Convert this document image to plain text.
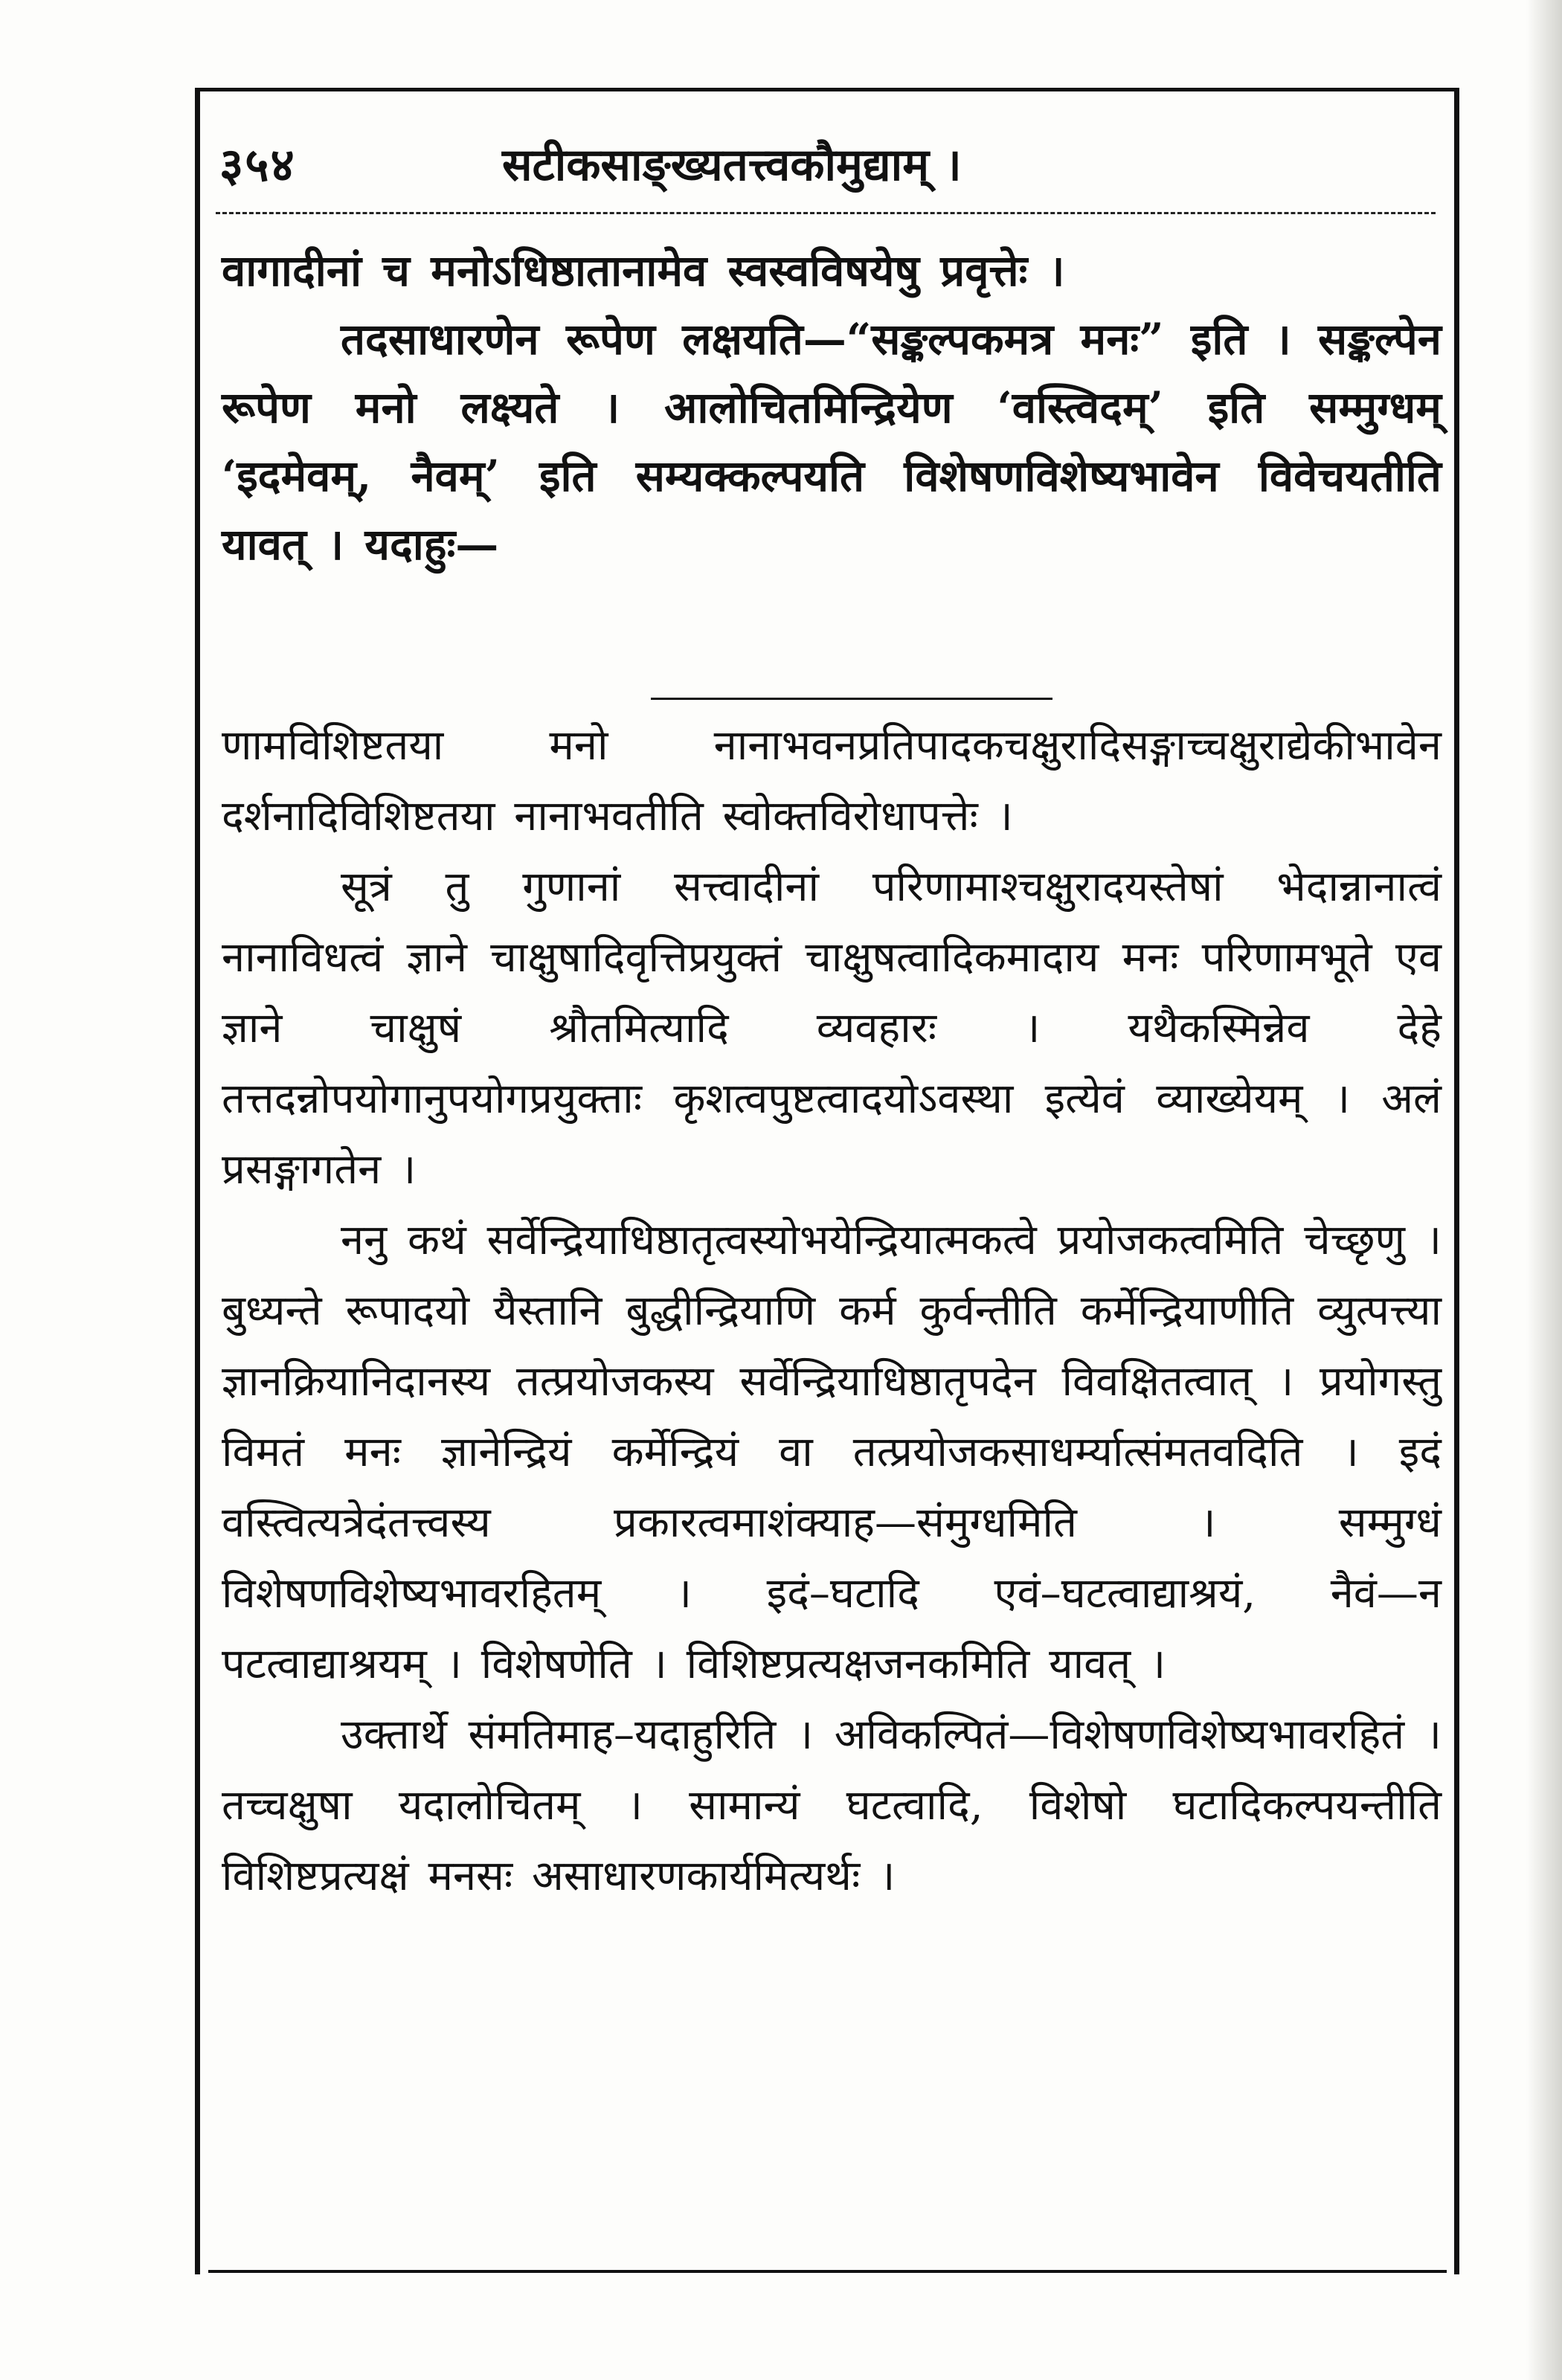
३५४	सटीकसाङ्ख्यतत्त्वकौमुद्याम् ।

वागादीनां च मनोऽधिष्ठातानामेव स्वस्वविषयेषु प्रवृत्तेः ।

तदसाधारणेन रूपेण लक्षयति—“सङ्कल्पकमत्र मनः” इति । सङ्कल्पेन रूपेण मनो लक्ष्यते । आलोचितमिन्द्रियेण ‘वस्त्विदम्’ इति सम्मुग्धम् ‘इदमेवम्, नैवम्’ इति सम्यक्कल्पयति विशेषणविशेष्यभावेन विवेचयतीति यावत् । यदाहुः—

णामविशिष्टतया मनो नानाभवनप्रतिपादकचक्षुरादिसङ्गाच्चक्षुराद्येकीभावेन दर्शनादिविशिष्टतया नानाभवतीति स्वोक्तविरोधापत्तेः ।

सूत्रं तु गुणानां सत्त्वादीनां परिणामाश्चक्षुरादयस्तेषां भेदान्नानात्वं नानाविधत्वं ज्ञाने चाक्षुषादिवृत्तिप्रयुक्तं चाक्षुषत्वादिकमादाय मनः परिणामभूते एव ज्ञाने चाक्षुषं श्रौतमित्यादि व्यवहारः । यथैकस्मिन्नेव देहे तत्तदन्नोपयोगानुपयोगप्रयुक्ताः कृशत्वपुष्टत्वादयोऽवस्था इत्येवं व्याख्येयम् । अलं प्रसङ्गागतेन ।

ननु कथं सर्वेन्द्रियाधिष्ठातृत्वस्योभयेन्द्रियात्मकत्वे प्रयोजकत्वमिति चेच्छृणु । बुध्यन्ते रूपादयो यैस्तानि बुद्धीन्द्रियाणि कर्म कुर्वन्तीति कर्मेन्द्रियाणीति व्युत्पत्त्या ज्ञानक्रियानिदानस्य तत्प्रयोजकस्य सर्वेन्द्रियाधिष्ठातृपदेन विवक्षितत्वात् । प्रयोगस्तु विमतं मनः ज्ञानेन्द्रियं कर्मेन्द्रियं वा तत्प्रयोजकसाधर्म्यात्संमतवदिति । इदं वस्त्वित्यत्रेदंतत्त्वस्य प्रकारत्वमाशंक्याह—संमुग्धमिति । सम्मुग्धं विशेषणविशेष्यभावरहितम् । इदं–घटादि एवं–घटत्वाद्याश्रयं, नैवं—न पटत्वाद्याश्रयम् । विशेषणेति । विशिष्टप्रत्यक्षजनकमिति यावत् ।

उक्तार्थे संमतिमाह–यदाहुरिति । अविकल्पितं—विशेषणविशेष्यभावरहितं । तच्चक्षुषा यदालोचितम् । सामान्यं घटत्वादि, विशेषो घटादिकल्पयन्तीति विशिष्टप्रत्यक्षं मनसः असाधारणकार्यमित्यर्थः ।
